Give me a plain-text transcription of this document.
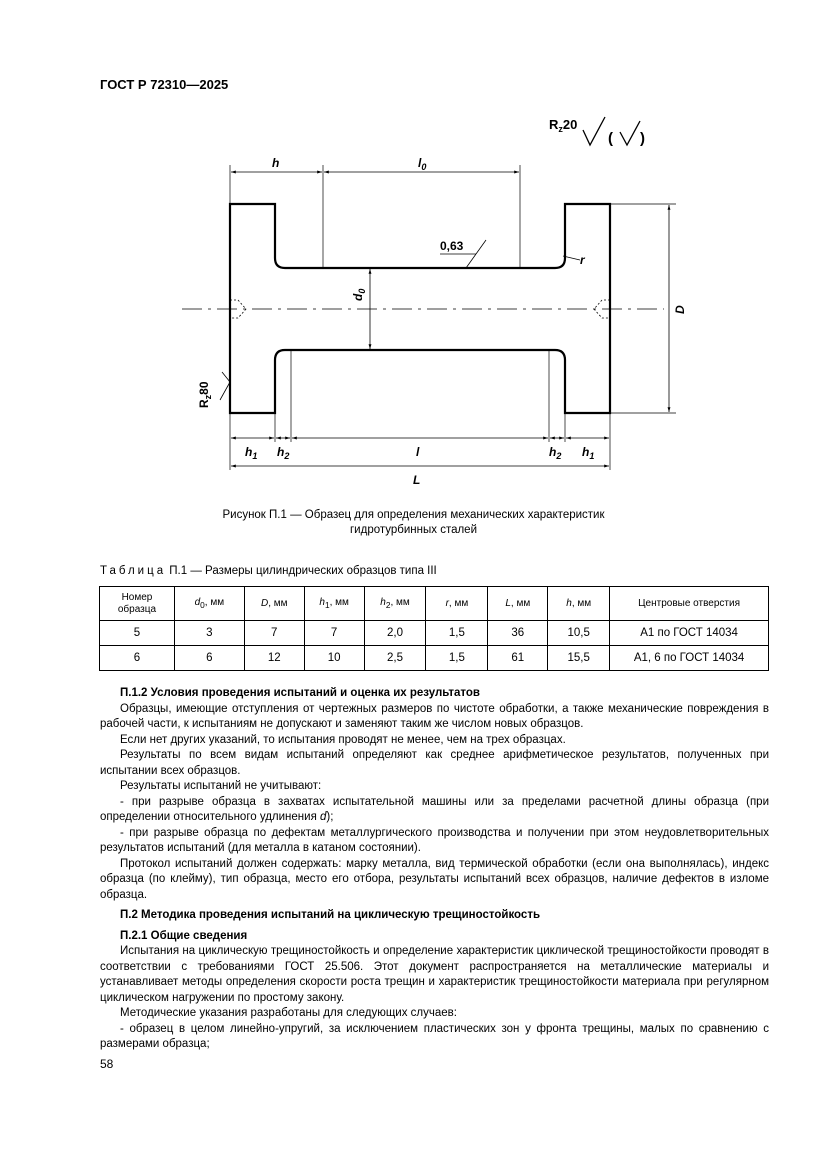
ГОСТ Р 72310—2025
$R_z20$
( )
h	$l_0$
0,63
r
D
$d_0$
$R_z80$
$h_1$ $h_2$	l	$h_2$ $h_1$
L
Рисунок П.1 — Образец для определения механических характеристик
гидротурбинных сталей
Таблица П.1 — Размеры цилиндрических образцов типа III
Номер
образца	$d_0$, мм	D, мм	$h_1$, мм	$h_2$, мм	r, мм	L, мм	h, мм	Центровые отверстия
5	3	7	7	2,0	1,5	36	10,5	А1 по ГОСТ 14034
6	6	12	10	2,5	1,5	61	15,5	А1, 6 по ГОСТ 14034

П.1.2 Условия проведения испытаний и оценка их результатов

Образцы, имеющие отступления от чертежных размеров по чистоте обработки, а также механические повреждения в рабочей части, к испытаниям не допускают и заменяют таким же числом новых образцов.

Если нет других указаний, то испытания проводят не менее, чем на трех образцах.

Результаты по всем видам испытаний определяют как среднее арифметическое результатов, полученных при испытании всех образцов.

Результаты испытаний не учитывают:

- при разрыве образца в захватах испытательной машины или за пределами расчетной длины образца (при определении относительного удлинения d);

- при разрыве образца по дефектам металлургического производства и получении при этом неудовлетворительных результатов испытаний (для металла в катаном состоянии).

Протокол испытаний должен содержать: марку металла, вид термической обработки (если она выполнялась), индекс образца (по клейму), тип образца, место его отбора, результаты испытаний всех образцов, наличие дефектов в изломе образца.

П.2 Методика проведения испытаний на циклическую трещиностойкость

П.2.1 Общие сведения

Испытания на циклическую трещиностойкость и определение характеристик циклической трещиностойкости проводят в соответствии с требованиями ГОСТ 25.506. Этот документ распространяется на металлические материалы и устанавливает методы определения скорости роста трещин и характеристик трещиностойкости материала при регулярном циклическом нагружении по простому закону.

Методические указания разработаны для следующих случаев:

- образец в целом линейно-упругий, за исключением пластических зон у фронта трещины, малых по сравнению с размерами образца;

58
